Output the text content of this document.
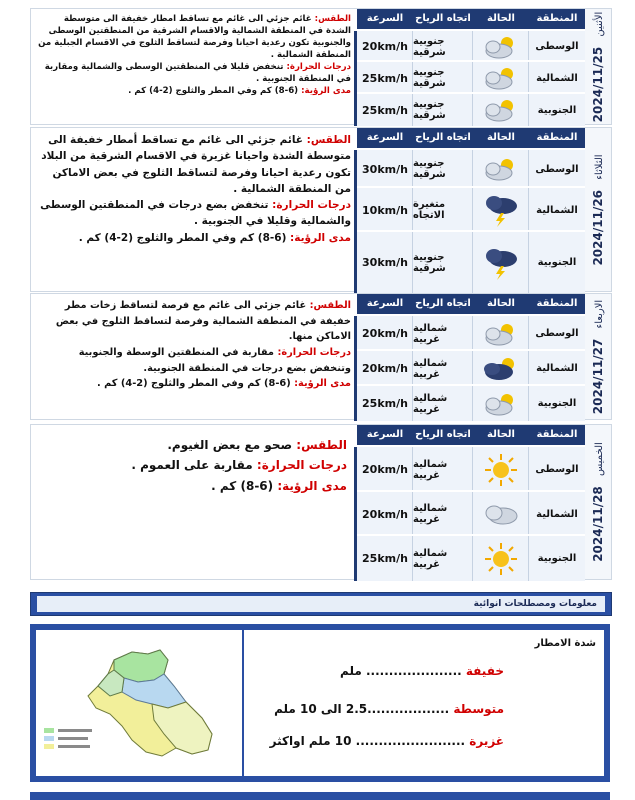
الأثنين 2024/11/25
المنطقة
الحالة
اتجاه الرياح
السرعة
الوسطى
جنوبية شرقية
20km/h
الشمالية
جنوبية شرقية
25km/h
الجنوبية
جنوبية شرقية
25km/h
الطقس: غائم جزئي الى غائم مع تساقط امطار خفيفة الى متوسطة الشدة في المنطقة الشمالية والاقسام الشرقية من المنطقتين الوسطى والجنوبية تكون رعدية احيانا وفرصة لتساقط الثلوج في الاقسام الجبلية من المنطقة الشمالية .
درجات الحرارة: تنخفض قليلا في المنطقتين الوسطى والشمالية ومقاربة في المنطقة الجنوبية .
مدى الرؤية: (6-8) كم وفي المطر والثلوج (2-4) كم .
الثلاثاء 2024/11/26
المنطقة
الحالة
اتجاه الرياح
السرعة
الوسطى
جنوبية شرقية
30km/h
الشمالية
متغيرة الاتجاه
10km/h
الجنوبية
جنوبية شرقية
30km/h
الطقس: غائم جزئي الى غائم مع تساقط أمطار خفيفة الى متوسطة الشدة واحيانا غزيرة في الاقسام الشرقية من البلاد تكون رعدية احيانا وفرصة لتساقط الثلوج في بعض الاماكن من المنطقة الشمالية .
درجات الحرارة: تنخفض بضع درجات في المنطقتين الوسطى والشمالية وقليلا في الجنوبية .
مدى الرؤية: (6-8) كم وفي المطر والثلوج (2-4) كم .
الاربعاء 2024/11/27
المنطقة
الحالة
اتجاه الرياح
السرعة
الوسطى
شمالية غربية
20km/h
الشمالية
شمالية غربية
20km/h
الجنوبية
شمالية غربية
25km/h
الطقس: غائم جزئي الى غائم مع فرصة لتساقط زخات مطر خفيفة في المنطقة الشمالية وفرصة لتساقط الثلوج في بعض الاماكن منها.
درجات الحرارة: مقاربة في المنطقتين الوسطة والجنوبية وتنخفض بضع درجات في المنطقة الجنوبية.
مدى الرؤية: (6-8) كم وفي المطر والثلوج (2-4) كم .
الخميس 2024/11/28
المنطقة
الحالة
اتجاه الرياح
السرعة
الوسطى
شمالية غربية
20km/h
الشمالية
شمالية غربية
20km/h
الجنوبية
شمالية غربية
25km/h
الطقس: صحو مع بعض الغيوم.
درجات الحرارة: مقاربة على العموم .
مدى الرؤية: (6-8) كم .
معلومات ومصطلحات انوائية
شدة الامطار
خفيفة ..................... ملم
متوسطة ..................2.5 الى 10 ملم
غزيرة ........................ 10 ملم اواكثر
